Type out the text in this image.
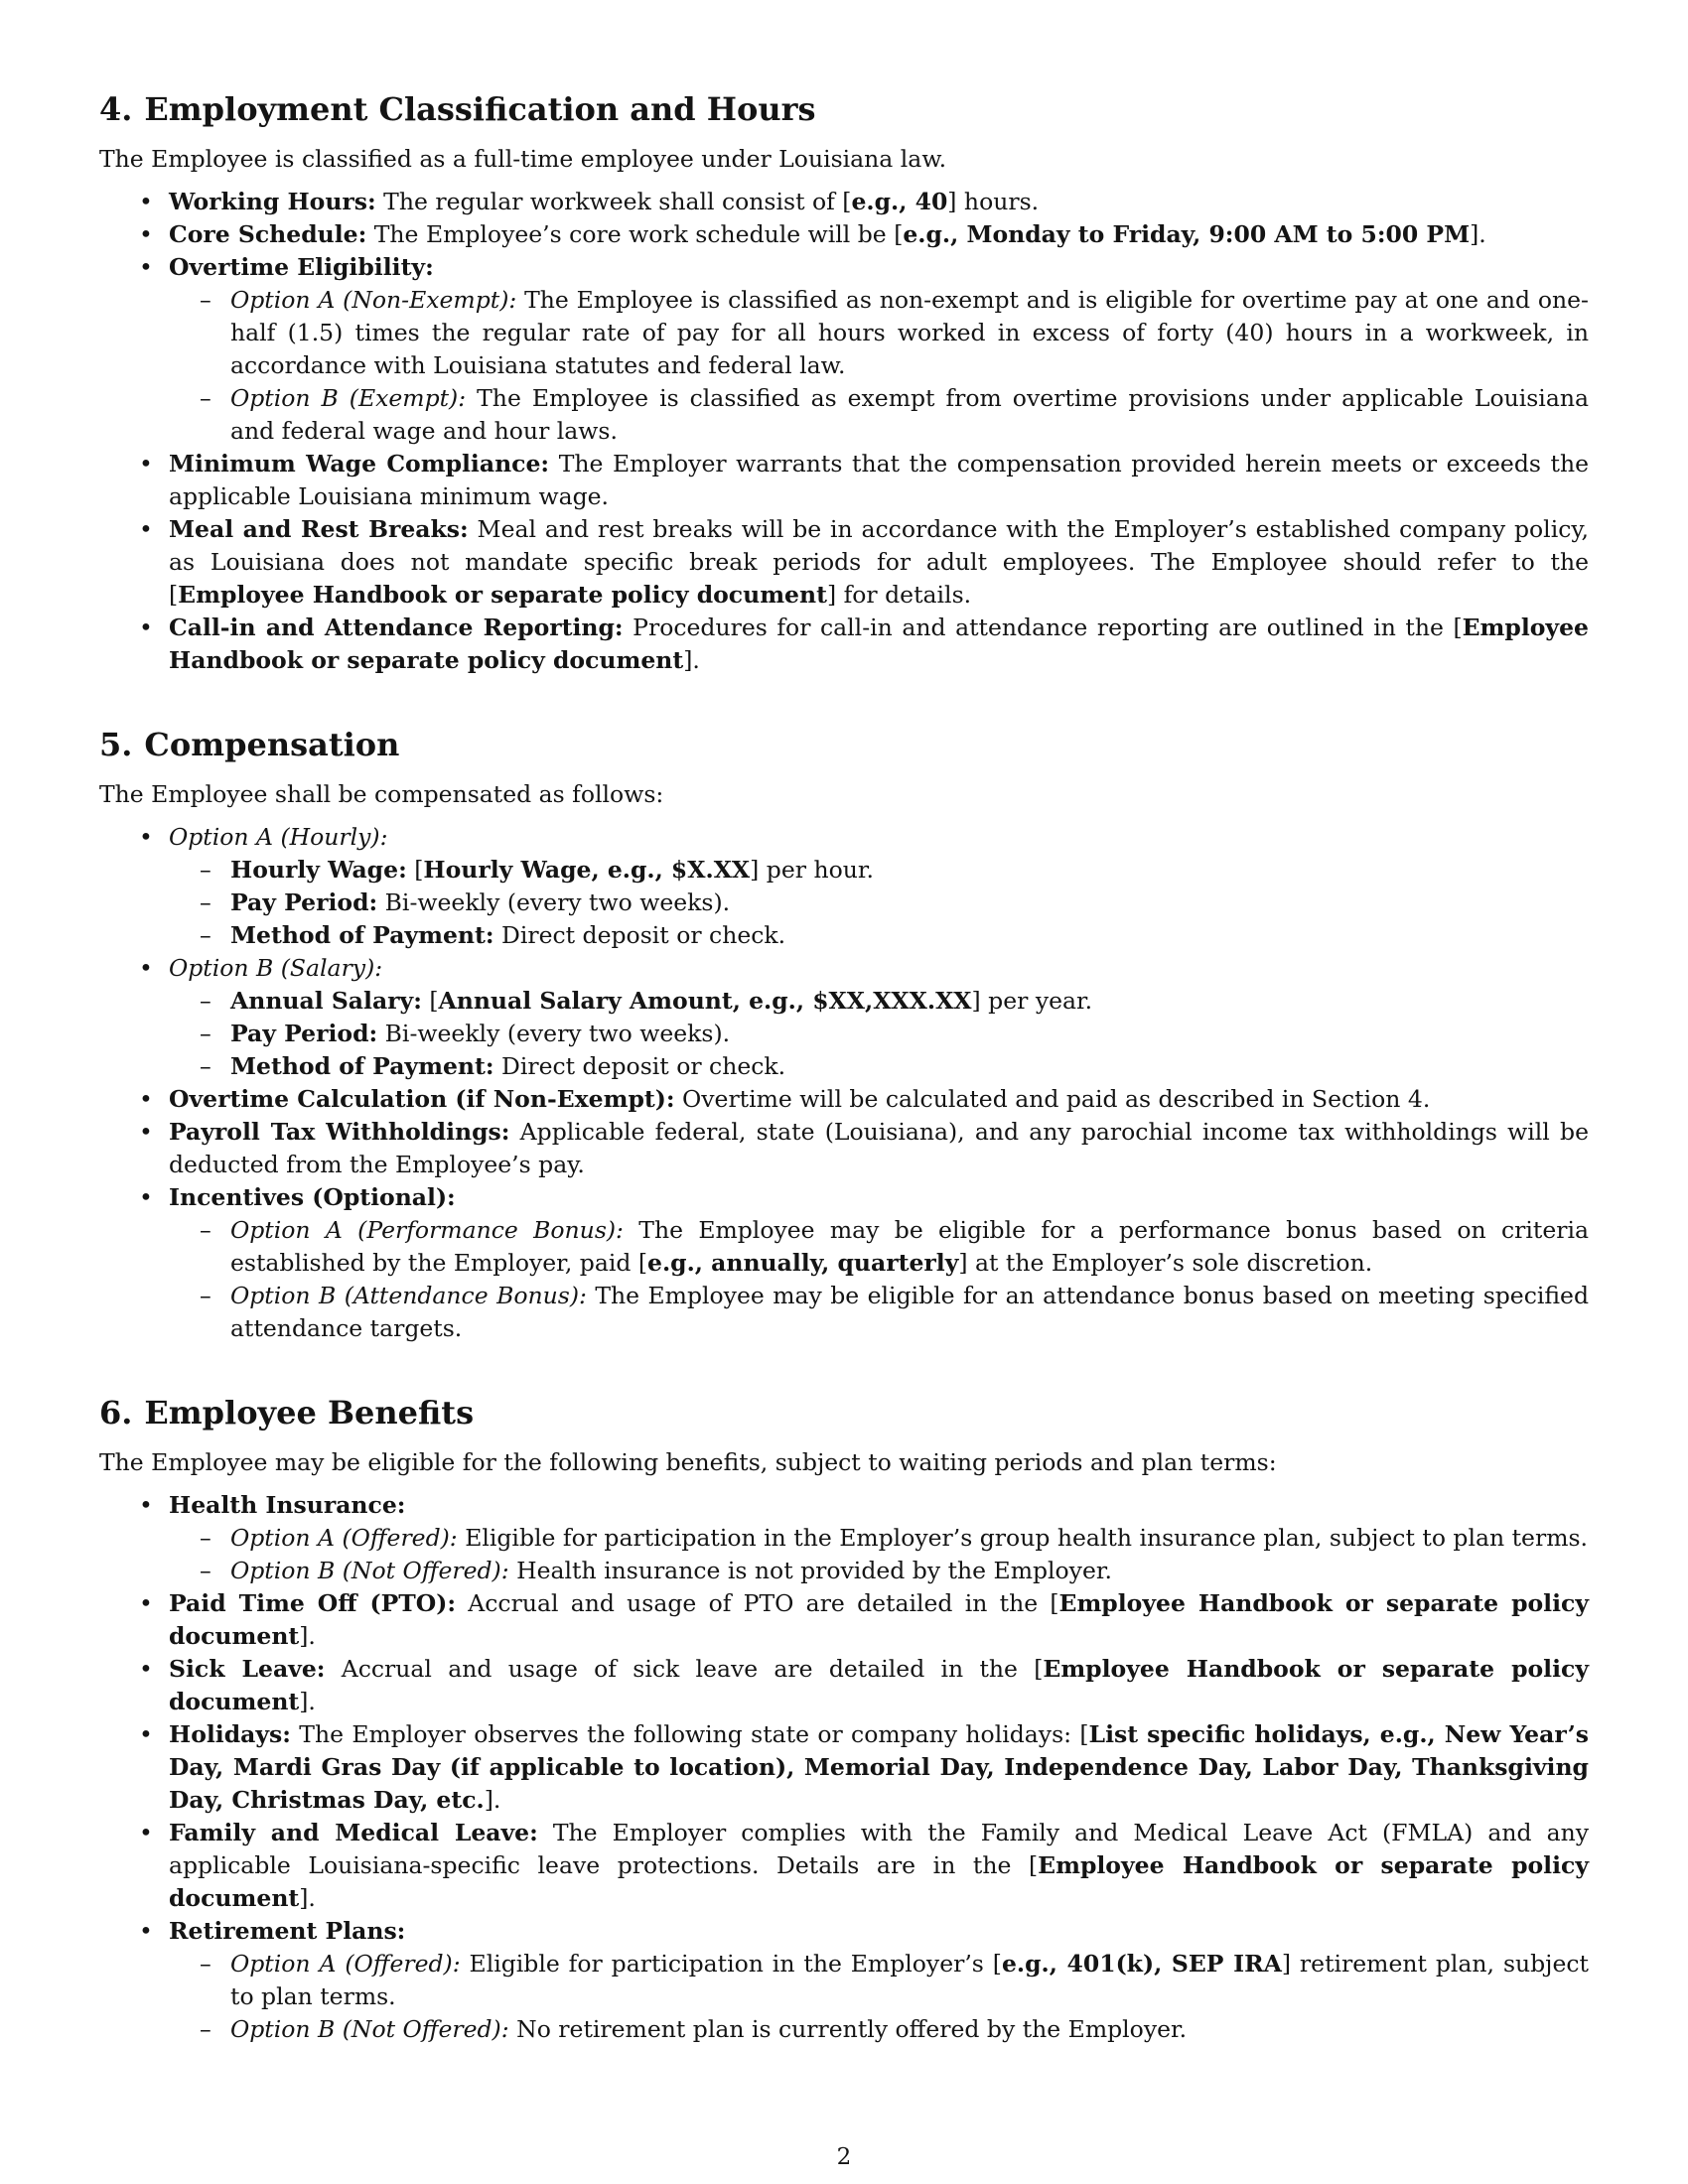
4. Employment Classification and Hours

The Employee is classified as a full-time employee under Louisiana law.

• Working Hours: The regular workweek shall consist of [e.g., 40] hours.
• Core Schedule: The Employee’s core work schedule will be [e.g., Monday to Friday, 9:00 AM to 5:00 PM].
• Overtime Eligibility:
– Option A (Non-Exempt): The Employee is classified as non-exempt and is eligible for overtime pay at one and one-half (1.5) times the regular rate of pay for all hours worked in excess of forty (40) hours in a workweek, in accordance with Louisiana statutes and federal law.
– Option B (Exempt): The Employee is classified as exempt from overtime provisions under applicable Louisiana and federal wage and hour laws.
• Minimum Wage Compliance: The Employer warrants that the compensation provided herein meets or exceeds the applicable Louisiana minimum wage.
• Meal and Rest Breaks: Meal and rest breaks will be in accordance with the Employer’s established company policy, as Louisiana does not mandate specific break periods for adult employees. The Employee should refer to the [Employee Handbook or separate policy document] for details.
• Call-in and Attendance Reporting: Procedures for call-in and attendance reporting are outlined in the [Employee Handbook or separate policy document].
5. Compensation

The Employee shall be compensated as follows:

• Option A (Hourly):
– Hourly Wage: [Hourly Wage, e.g., $X.XX] per hour.
– Pay Period: Bi-weekly (every two weeks).
– Method of Payment: Direct deposit or check.
• Option B (Salary):
– Annual Salary: [Annual Salary Amount, e.g., $XX,XXX.XX] per year.
– Pay Period: Bi-weekly (every two weeks).
– Method of Payment: Direct deposit or check.
• Overtime Calculation (if Non-Exempt): Overtime will be calculated and paid as described in Section 4.
• Payroll Tax Withholdings: Applicable federal, state (Louisiana), and any parochial income tax withholdings will be deducted from the Employee’s pay.
• Incentives (Optional):
– Option A (Performance Bonus): The Employee may be eligible for a performance bonus based on criteria established by the Employer, paid [e.g., annually, quarterly] at the Employer’s sole discretion.
– Option B (Attendance Bonus): The Employee may be eligible for an attendance bonus based on meeting specified attendance targets.
6. Employee Benefits

The Employee may be eligible for the following benefits, subject to waiting periods and plan terms:

• Health Insurance:
– Option A (Offered): Eligible for participation in the Employer’s group health insurance plan, subject to plan terms.
– Option B (Not Offered): Health insurance is not provided by the Employer.
• Paid Time Off (PTO): Accrual and usage of PTO are detailed in the [Employee Handbook or separate policy document].
• Sick Leave: Accrual and usage of sick leave are detailed in the [Employee Handbook or separate policy document].
• Holidays: The Employer observes the following state or company holidays: [List specific holidays, e.g., New Year’s Day, Mardi Gras Day (if applicable to location), Memorial Day, Independence Day, Labor Day, Thanksgiving Day, Christmas Day, etc.].
• Family and Medical Leave: The Employer complies with the Family and Medical Leave Act (FMLA) and any applicable Louisiana-specific leave protections. Details are in the [Employee Handbook or separate policy document].
• Retirement Plans:
– Option A (Offered): Eligible for participation in the Employer’s [e.g., 401(k), SEP IRA] retirement plan, subject to plan terms.
– Option B (Not Offered): No retirement plan is currently offered by the Employer.
2
